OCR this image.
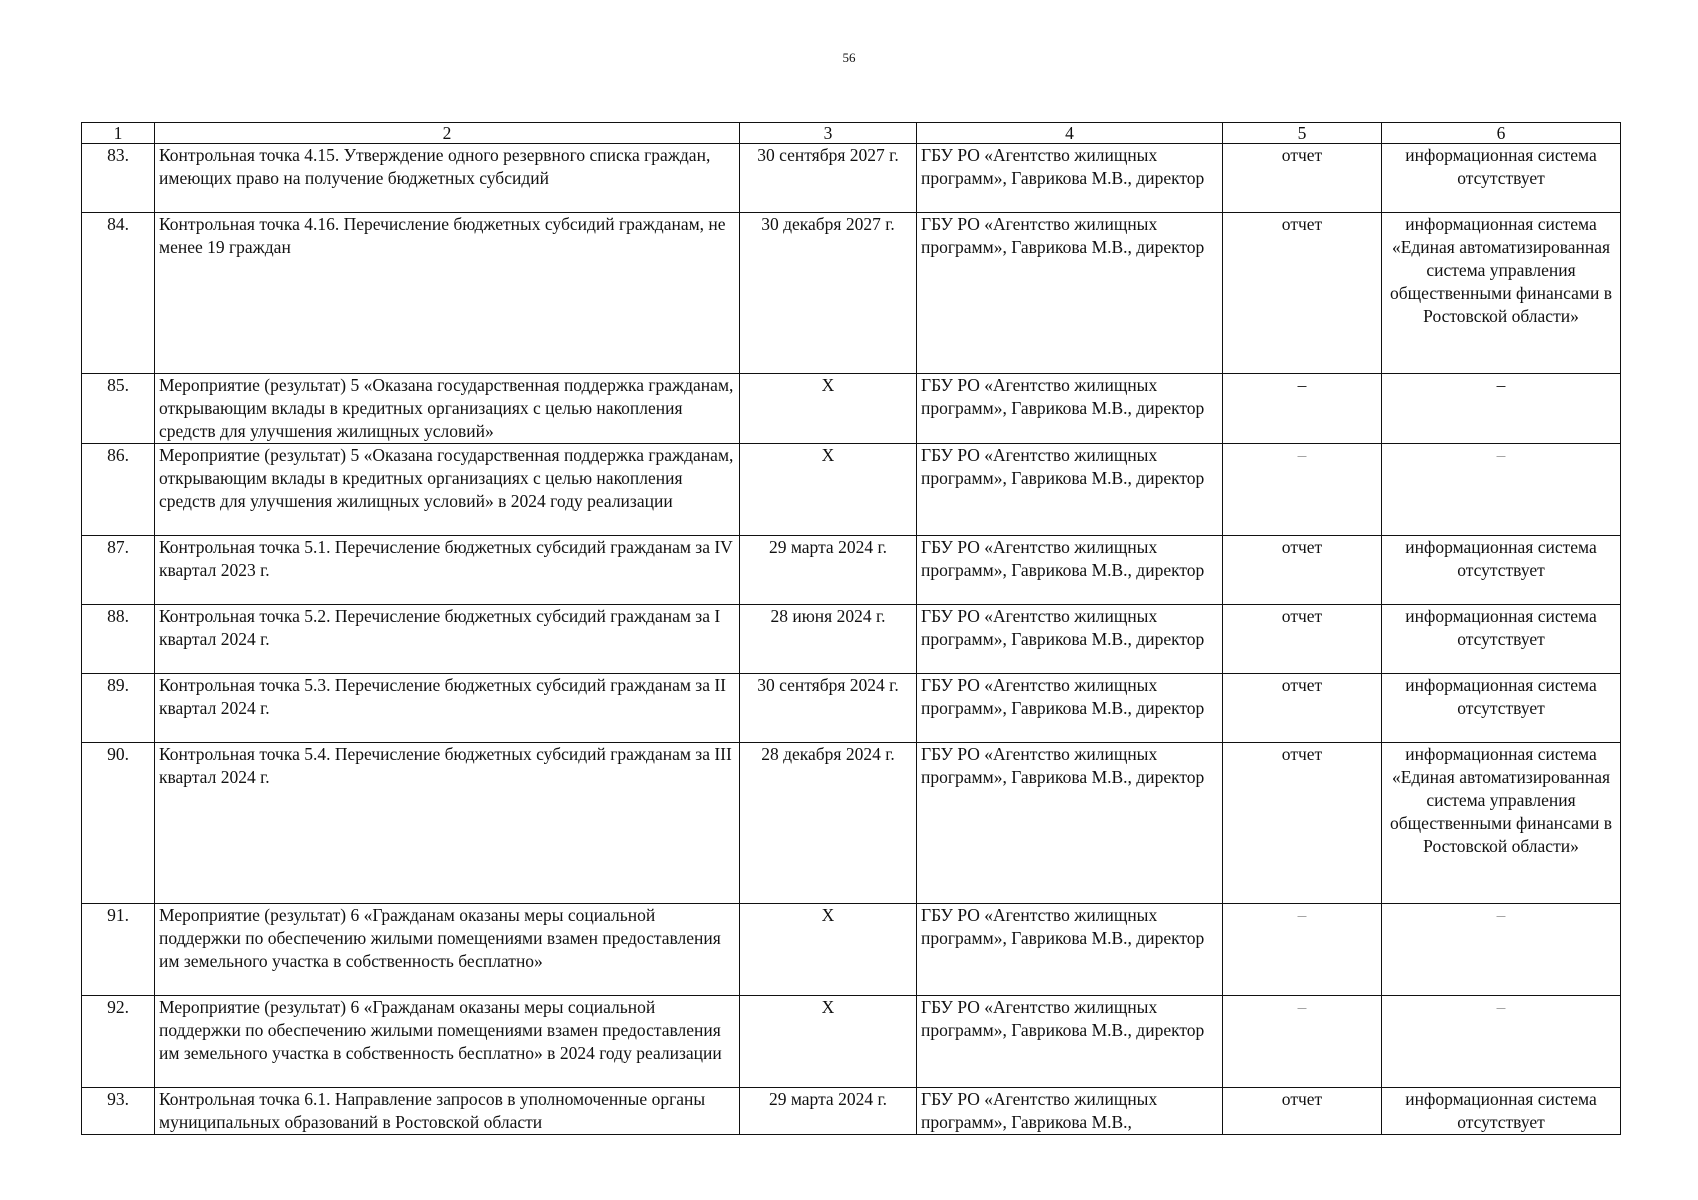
56
1	2	3	4	5	6
83.	Контрольная точка 4.15. Утверждение одного резервного списка граждан, имеющих право на получение бюджетных субсидий	30 сентября 2027 г.	ГБУ РО «Агентство жилищных программ», Гаврикова М.В., директор	отчет	информационная система отсутствует
84.	Контрольная точка 4.16. Перечисление бюджетных субсидий гражданам, не менее 19 граждан	30 декабря 2027 г.	ГБУ РО «Агентство жилищных программ», Гаврикова М.В., директор	отчет	информационная система «Единая автоматизированная система управления общественными финансами в Ростовской области»
85.	Мероприятие (результат) 5 «Оказана государственная поддержка гражданам, открывающим вклады в кредитных организациях с целью накопления средств для улучшения жилищных условий»	Х	ГБУ РО «Агентство жилищных программ», Гаврикова М.В., директор	–	–
86.	Мероприятие (результат) 5 «Оказана государственная поддержка гражданам, открывающим вклады в кредитных организациях с целью накопления средств для улучшения жилищных условий» в 2024 году реализации	Х	ГБУ РО «Агентство жилищных программ», Гаврикова М.В., директор	–	–
87.	Контрольная точка 5.1. Перечисление бюджетных субсидий гражданам за IV квартал 2023 г.	29 марта 2024 г.	ГБУ РО «Агентство жилищных программ», Гаврикова М.В., директор	отчет	информационная система отсутствует
88.	Контрольная точка 5.2. Перечисление бюджетных субсидий гражданам за I квартал 2024 г.	28 июня 2024 г.	ГБУ РО «Агентство жилищных программ», Гаврикова М.В., директор	отчет	информационная система отсутствует
89.	Контрольная точка 5.3. Перечисление бюджетных субсидий гражданам за II квартал 2024 г.	30 сентября 2024 г.	ГБУ РО «Агентство жилищных программ», Гаврикова М.В., директор	отчет	информационная система отсутствует
90.	Контрольная точка 5.4. Перечисление бюджетных субсидий гражданам за III квартал 2024 г.	28 декабря 2024 г.	ГБУ РО «Агентство жилищных программ», Гаврикова М.В., директор	отчет	информационная система «Единая автоматизированная система управления общественными финансами в Ростовской области»
91.	Мероприятие (результат) 6 «Гражданам оказаны меры социальной поддержки по обеспечению жилыми помещениями взамен предоставления им земельного участка в собственность бесплатно»	Х	ГБУ РО «Агентство жилищных программ», Гаврикова М.В., директор	–	–
92.	Мероприятие (результат) 6 «Гражданам оказаны меры социальной поддержки по обеспечению жилыми помещениями взамен предоставления им земельного участка в собственность бесплатно» в 2024 году реализации	Х	ГБУ РО «Агентство жилищных программ», Гаврикова М.В., директор	–	–
93.	Контрольная точка 6.1. Направление запросов в уполномоченные органы муниципальных образований в Ростовской области	29 марта 2024 г.	ГБУ РО «Агентство жилищных программ», Гаврикова М.В.,	отчет	информационная система отсутствует
